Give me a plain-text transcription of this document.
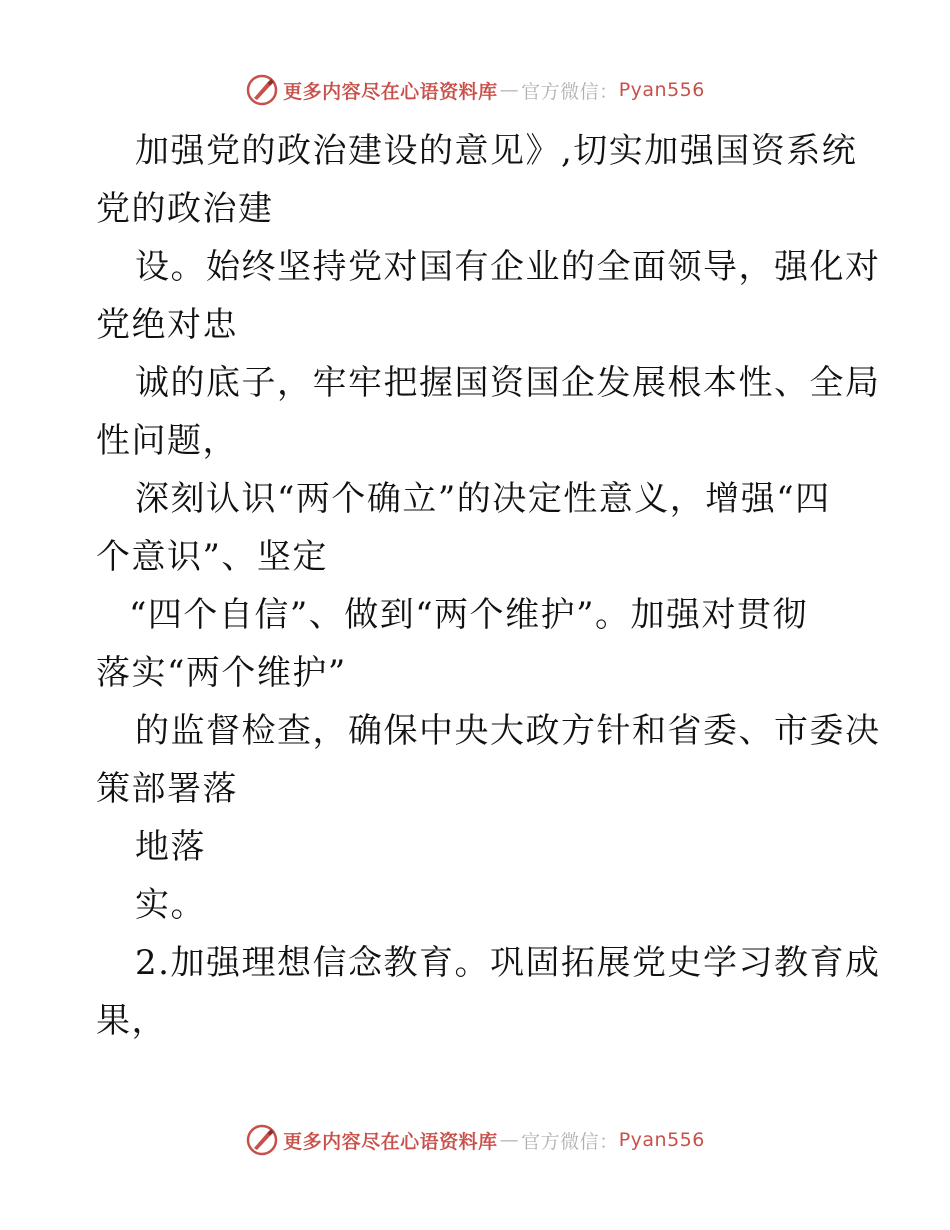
更多内容尽在心语资料库 — 官方微信： Pyan556
加强党的政治建设的意见》,切实加强国资系统
党的政治建
设。始终坚持党对国有企业的全面领导，强化对
党绝对忠
诚的底子，牢牢把握国资国企发展根本性、全局
性问题，
深刻认识“两个确立”的决定性意义，增强“四
个意识”、坚定
“四个自信”、做到“两个维护”。加强对贯彻
落实“两个维护”
的监督检查，确保中央大政方针和省委、市委决
策部署落
地落
实。
2.加强理想信念教育。巩固拓展党史学习教育成
果，
更多内容尽在心语资料库 — 官方微信： Pyan556
